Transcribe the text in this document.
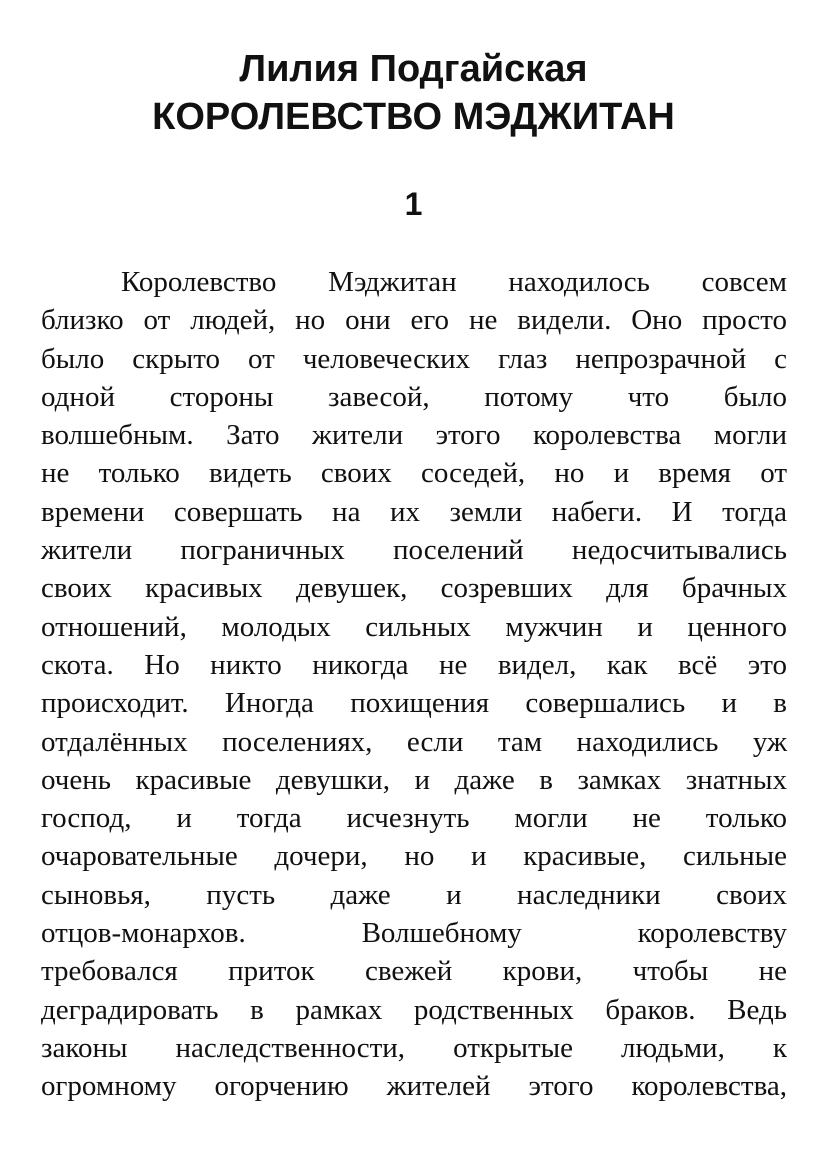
Лилия Подгайская
КОРОЛЕВСТВО МЭДЖИТАН
1
Королевство Мэджитан находилось совсем
близко от людей, но они его не видели. Оно просто
было скрыто от человеческих глаз непрозрачной с
одной стороны завесой, потому что было
волшебным. Зато жители этого королевства могли
не только видеть своих соседей, но и время от
времени совершать на их земли набеги. И тогда
жители пограничных поселений недосчитывались
своих красивых девушек, созревших для брачных
отношений, молодых сильных мужчин и ценного
скота. Но никто никогда не видел, как всё это
происходит. Иногда похищения совершались и в
отдалённых поселениях, если там находились уж
очень красивые девушки, и даже в замках знатных
господ, и тогда исчезнуть могли не только
очаровательные дочери, но и красивые, сильные
сыновья, пусть даже и наследники своих
отцов-монархов. Волшебному королевству
требовался приток свежей крови, чтобы не
деградировать в рамках родственных браков. Ведь
законы наследственности, открытые людьми, к
огромному огорчению жителей этого королевства,
